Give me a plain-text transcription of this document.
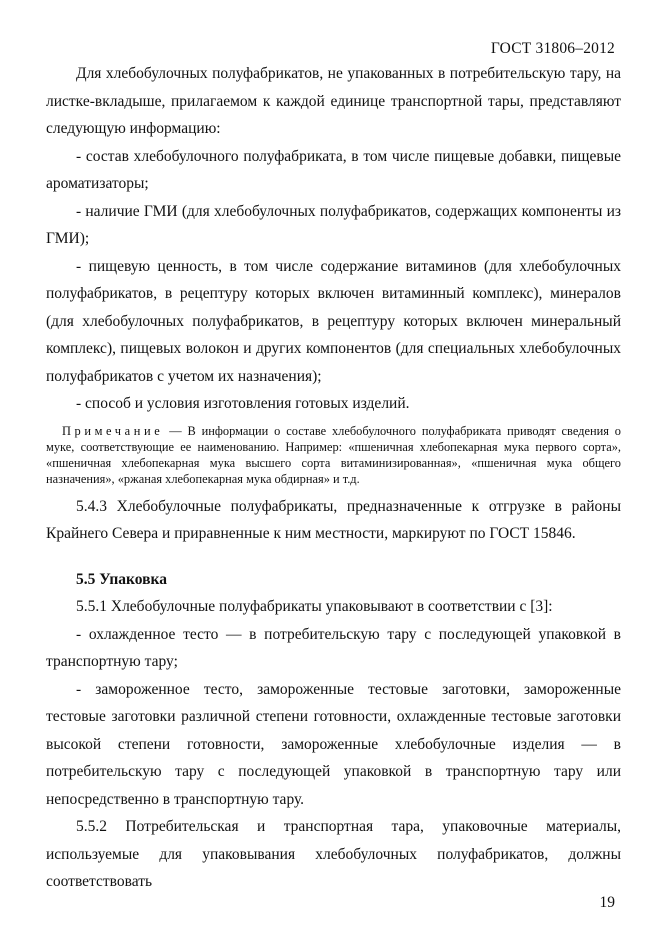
ГОСТ 31806–2012

Для хлебобулочных полуфабрикатов, не упакованных в потребительскую тару, на листке-вкладыше, прилагаемом к каждой единице транспортной тары, представляют следующую информацию:

- состав хлебобулочного полуфабриката, в том числе пищевые добавки, пищевые ароматизаторы;

- наличие ГМИ (для хлебобулочных полуфабрикатов, содержащих компоненты из ГМИ);

- пищевую ценность, в том числе содержание витаминов (для хлебобулочных полуфабрикатов, в рецептуру которых включен витаминный комплекс), минералов (для хлебобулочных полуфабрикатов, в рецептуру которых включен минеральный комплекс), пищевых волокон и других компонентов (для специальных хлебобулочных полуфабрикатов с учетом их назначения);

- способ и условия изготовления готовых изделий.

Примечание — В информации о составе хлебобулочного полуфабриката приводят сведения о муке, соответствующие ее наименованию. Например: «пшеничная хлебопекарная мука первого сорта», «пшеничная хлебопекарная мука высшего сорта витаминизированная», «пшеничная мука общего назначения», «ржаная хлебопекарная мука обдирная» и т.д.

5.4.3 Хлебобулочные полуфабрикаты, предназначенные к отгрузке в районы Крайнего Севера и приравненные к ним местности, маркируют по ГОСТ 15846.

5.5 Упаковка

5.5.1 Хлебобулочные полуфабрикаты упаковывают в соответствии с [3]:

- охлажденное тесто — в потребительскую тару с последующей упаковкой в транспортную тару;

- замороженное тесто, замороженные тестовые заготовки, замороженные тестовые заготовки различной степени готовности, охлажденные тестовые заготовки высокой степени готовности, замороженные хлебобулочные изделия — в потребительскую тару с последующей упаковкой в транспортную тару или непосредственно в транспортную тару.

5.5.2 Потребительская и транспортная тара, упаковочные материалы, используемые для упаковывания хлебобулочных полуфабрикатов, должны соответствовать

19
